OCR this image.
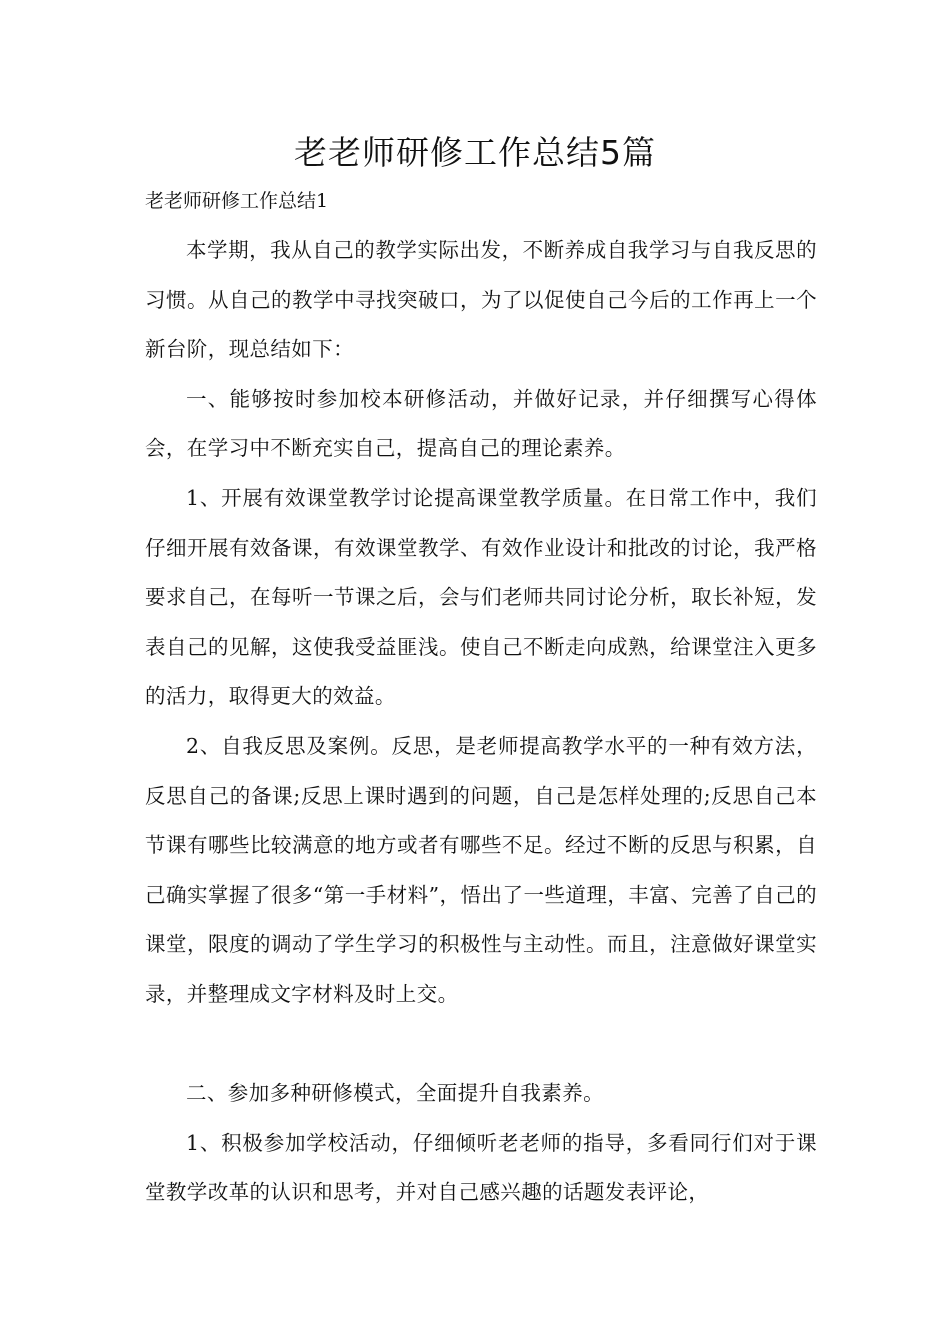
老老师研修工作总结5篇

老老师研修工作总结1

本学期，我从自己的教学实际出发，不断养成自我学习与自我反思的习惯。从自己的教学中寻找突破口，为了以促使自己今后的工作再上一个新台阶，现总结如下：

一、能够按时参加校本研修活动，并做好记录，并仔细撰写心得体会，在学习中不断充实自己，提高自己的理论素养。

1、开展有效课堂教学讨论提高课堂教学质量。在日常工作中，我们仔细开展有效备课，有效课堂教学、有效作业设计和批改的讨论，我严格要求自己，在每听一节课之后，会与们老师共同讨论分析，取长补短，发表自己的见解，这使我受益匪浅。使自己不断走向成熟，给课堂注入更多的活力，取得更大的效益。

2、自我反思及案例。反思，是老师提高教学水平的一种有效方法，反思自己的备课;反思上课时遇到的问题，自己是怎样处理的;反思自己本节课有哪些比较满意的地方或者有哪些不足。经过不断的反思与积累，自己确实掌握了很多“第一手材料”，悟出了一些道理，丰富、完善了自己的课堂，限度的调动了学生学习的积极性与主动性。而且，注意做好课堂实录，并整理成文字材料及时上交。

二、参加多种研修模式，全面提升自我素养。

1、积极参加学校活动，仔细倾听老老师的指导，多看同行们对于课堂教学改革的认识和思考，并对自己感兴趣的话题发表评论，
